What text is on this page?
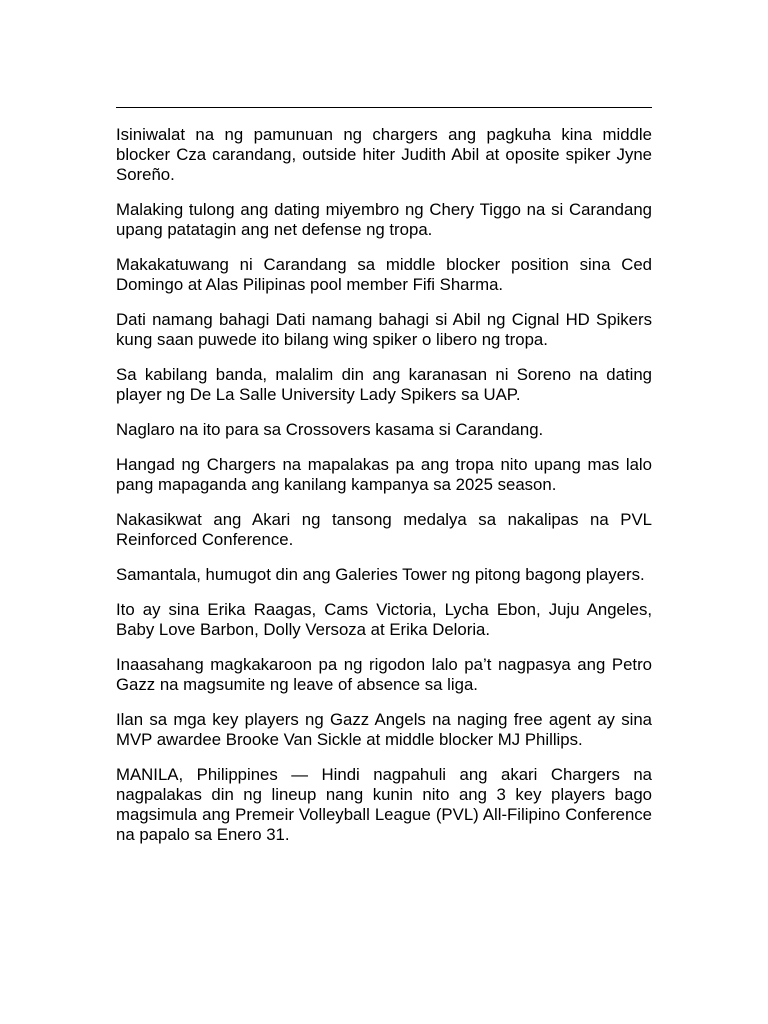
Isiniwalat na ng pamunuan ng chargers ang pagkuha kina middle blocker Cza carandang, outside hiter Judith Abil at oposite spiker Jyne Soreño.

Malaking tulong ang dating miyembro ng Chery Tiggo na si Carandang upang patatagin ang net defense ng tropa.

Makakatuwang ni Carandang sa middle blocker position sina Ced Domingo at Alas Pilipinas pool member Fifi Sharma.

Dati namang bahagi Dati namang bahagi si Abil ng Cignal HD Spikers kung saan puwede ito bilang wing spiker o libero ng tropa.

Sa kabilang banda, malalim din ang karanasan ni Soreno na dating player ng De La Salle University Lady Spikers sa UAP.

Naglaro na ito para sa Crossovers kasama si Carandang.

Hangad ng Chargers na mapalakas pa ang tropa nito upang mas lalo pang mapaganda ang kanilang kampanya sa 2025 season.

Nakasikwat ang Akari ng tansong medalya sa nakalipas na PVL Reinforced Conference.

Samantala, humugot din ang Galeries Tower ng pitong bagong players.

Ito ay sina Erika Raagas, Cams Victoria, Lycha Ebon, Juju Angeles, Baby Love Barbon, Dolly Versoza at Erika Deloria.

Inaasahang magkakaroon pa ng rigodon lalo pa’t nagpasya ang Petro Gazz na magsumite ng leave of absence sa liga.

Ilan sa mga key players ng Gazz Angels na naging free agent ay sina MVP awardee Brooke Van Sickle at middle blocker MJ Phillips.

MANILA, Philippines — Hindi nagpahuli ang akari Chargers na nagpalakas din ng lineup nang kunin nito ang 3 key players bago magsimula ang Premeir Volleyball League (PVL) All-Filipino Conference na papalo sa Enero 31.
